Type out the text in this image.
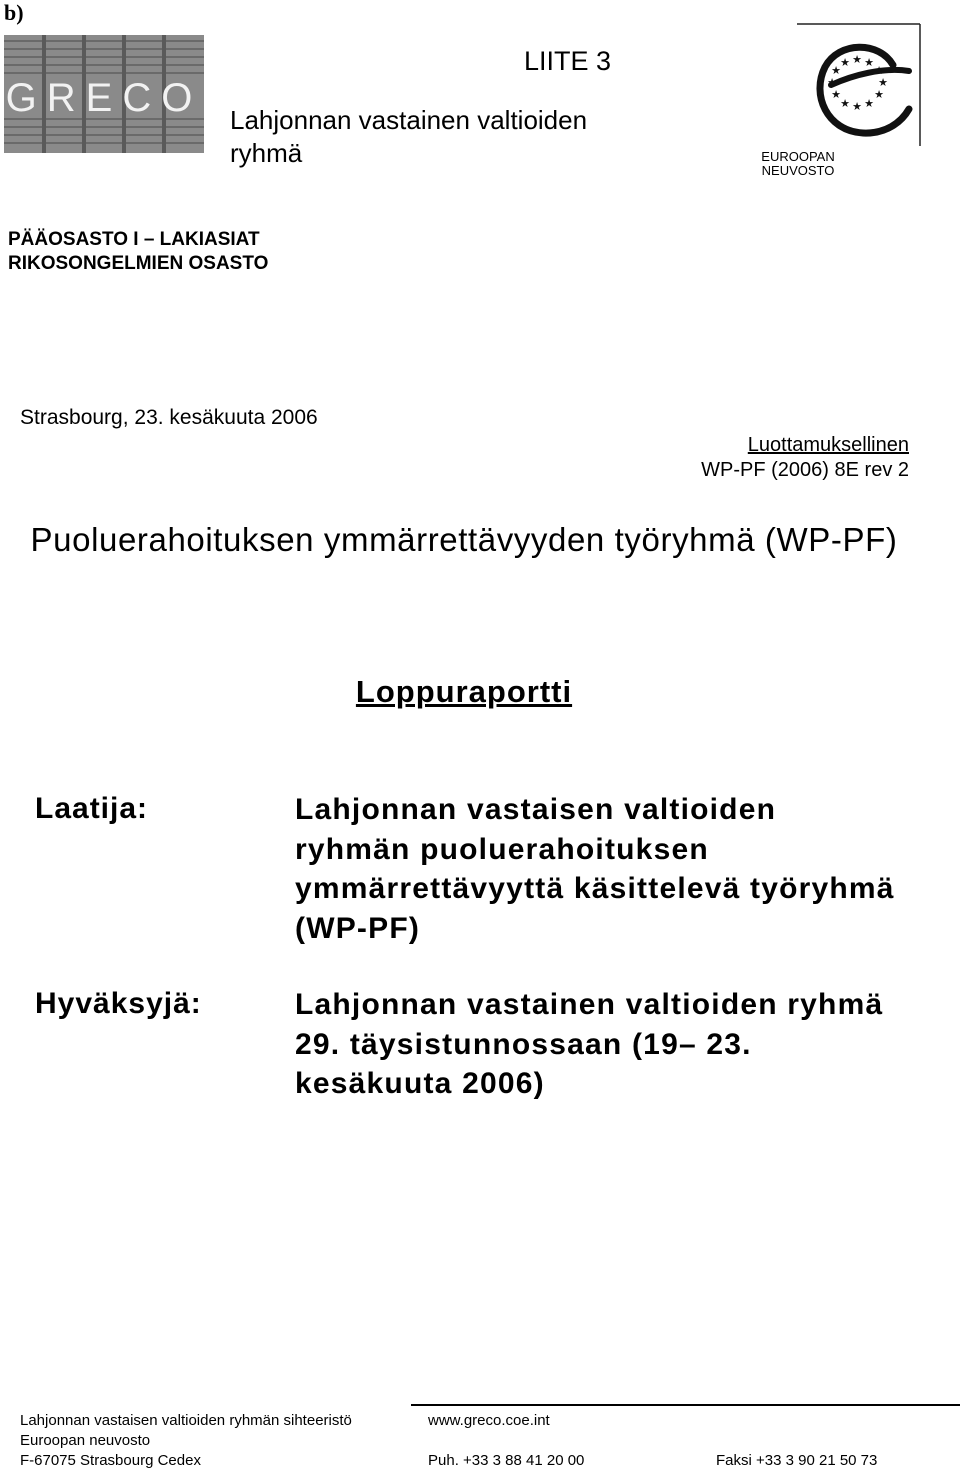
b)
GRECO
LIITE 3
Lahjonnan vastainen valtioiden ryhmä
★ ★
★
★
★
★
★
★
★
★
★
★
EUROOPAN NEUVOSTO
PÄÄOSASTO I – LAKIASIAT
RIKOSONGELMIEN OSASTO
Strasbourg, 23. kesäkuuta 2006
Luottamuksellinen
WP-PF (2006) 8E rev 2
Puoluerahoituksen ymmärrettävyyden työryhmä (WP-PF)
Loppuraportti
Laatija:	Lahjonnan vastaisen valtioiden ryhmän puoluerahoituksen ymmärrettävyyttä käsittelevä työryhmä (WP-PF)
Hyväksyjä:	Lahjonnan vastainen valtioiden ryhmä 29. täysistunnossaan (19– 23. kesäkuuta 2006)
Lahjonnan vastaisen valtioiden ryhmän sihteeristö	www.greco.coe.int
Euroopan neuvosto
F-67075 Strasbourg Cedex	Puh. +33 3 88 41 20 00	Faksi +33 3 90 21 50 73
